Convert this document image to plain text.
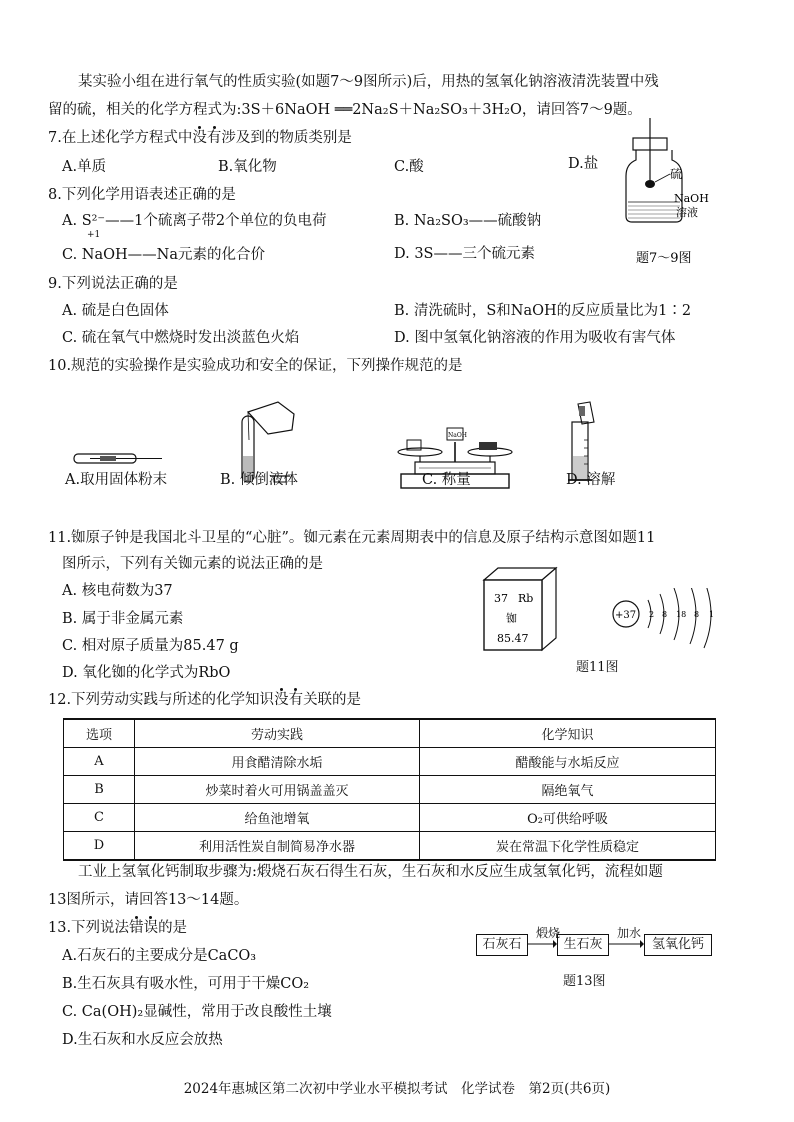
某实验小组在进行氧气的性质实验(如题7～9图所示)后，用热的氢氧化钠溶液清洗装置中残
留的硫，相关的化学方程式为:3S＋6NaOH ══2Na₂S＋Na₂SO₃＋3H₂O，请回答7～9题。
7.在上述化学方程式中没有涉及到的物质类别是
A.单质	B.氧化物	C.酸	D.盐
硫
NaOH
溶液
题7～9图
8.下列化学用语表述正确的是
A. S²⁻——1个硫离子带2个单位的负电荷	B. Na₂SO₃——硫酸钠
C. NaOH——Na元素的化合价
+1
D. 3S——三个硫元素
9.下列说法正确的是
A. 硫是白色固体	B. 清洗硫时，S和NaOH的反应质量比为1∶2
C. 硫在氧气中燃烧时发出淡蓝色火焰	D. 图中氢氧化钠溶液的作用为吸收有害气体
10.规范的实验操作是实验成功和安全的保证，下列操作规范的是
NaOH
A.取用固体粉末	B. 倾倒液体	C. 称量	D. 溶解
11.铷原子钟是我国北斗卫星的“心脏”。铷元素在元素周期表中的信息及原子结构示意图如题11
图所示，下列有关铷元素的说法正确的是
A. 核电荷数为37
B. 属于非金属元素
C. 相对原子质量为85.47 g
D. 氧化铷的化学式为RbO
37 Rb
铷
85.47
+37 2 8 18 8 1
题11图
12.下列劳动实践与所述的化学知识没有关联的是
选项	劳动实践	化学知识
A	用食醋清除水垢	醋酸能与水垢反应
B	炒菜时着火可用锅盖盖灭	隔绝氧气
C	给鱼池增氧	O₂可供给呼吸
D	利用活性炭自制简易净水器	炭在常温下化学性质稳定
工业上氢氧化钙制取步骤为:煅烧石灰石得生石灰，生石灰和水反应生成氢氧化钙，流程如题
13图所示，请回答13～14题。
13.下列说法错误的是
A.石灰石的主要成分是CaCO₃
B.生石灰具有吸水性，可用于干燥CO₂
C. Ca(OH)₂显碱性，常用于改良酸性土壤
D.生石灰和水反应会放热
石灰石
煅烧
生石灰
加水
氢氧化钙
题13图
2024年惠城区第二次初中学业水平模拟考试　化学试卷　第2页(共6页)
